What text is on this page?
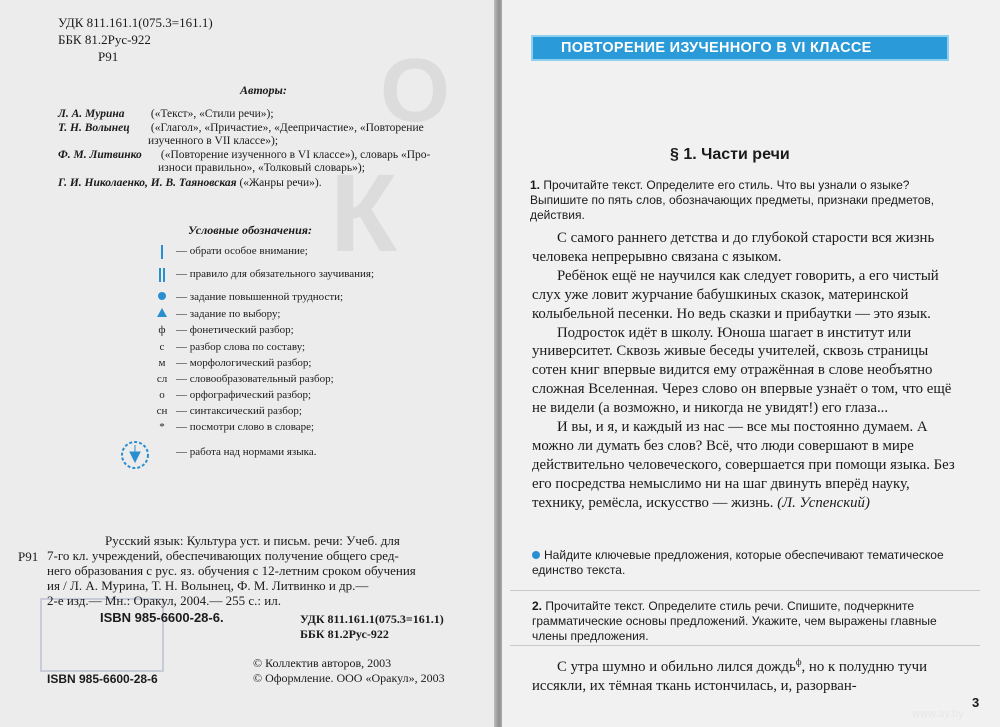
О
К
УДК 811.161.1(075.3=161.1)
ББК 81.2Рус-922
Р91
Авторы:
Л. А. Мурина («Текст», «Стили речи»);
Т. Н. Волынец («Глагол», «Причастие», «Деепричастие», «Повторение
изученного в VII классе»);
Ф. М. Литвинко («Повторение изученного в VI классе»), словарь «Про-
износи правильно», «Толковый словарь»);
Г. И. Николаенко, И. В. Таяновская («Жанры речи»).
Условные обозначения:
— обрати особое внимание;
— правило для обязательного заучивания;
— задание повышенной трудности;
— задание по выбору;
ф — фонетический разбор;
с	— разбор слова по составу;
м — морфологический разбор;
сл — словообразовательный разбор;
о	— орфографический разбор;
сн — синтаксический разбор;
*	— посмотри слово в словаре;
— работа над нормами языка.
Р91

Русский язык: Культура уст. и письм. речи: Учеб. для

7-го кл. учреждений, обеспечивающих получение общего сред-

него образования с рус. яз. обучения с 12-летним сроком обучения

ия / Л. А. Мурина, Т. Н. Волынец, Ф. М. Литвинко и др.—

2-е изд.— Мн.: Оракул, 2004.— 255 с.: ил.

ISBN 985-6600-28-6.	УДК 811.161.1(075.3=161.1)
ББК 81.2Рус-922
© Коллектив авторов, 2003
© Оформление. ООО «Оракул», 2003
ISBN 985-6600-28-6
ПОВТОРЕНИЕ ИЗУЧЕННОГО В VI КЛАССЕ
§ 1. Части речи
1. Прочитайте текст. Определите его стиль. Что вы узнали о языке? Выпишите по пять слов, обозначающих предметы, признаки предметов, действия.

С самого раннего детства и до глубокой старости вся жизнь человека непрерывно связана с языком.

Ребёнок ещё не научился как следует говорить, а его чистый слух уже ловит журчание бабушкиных сказок, материнской колыбельной песенки. Но ведь сказки и прибаутки — это язык.

Подросток идёт в школу. Юноша шагает в институт или университет. Сквозь живые беседы учителей, сквозь страницы сотен книг впервые видится ему отражённая в слове необъятно сложная Вселенная. Через слово он впервые узнаёт о том, что ещё не видели (а возможно, и никогда не увидят!) его глаза...

И вы, и я, и каждый из нас — все мы постоянно думаем. А можно ли думать без слов? Всё, что люди совершают в мире действительно человеческого, совершается при помощи языка. Без его посредства немыслимо ни на шаг двинуть вперёд науку, технику, ремёсла, искусство — жизнь. (Л. Успенский)

Найдите ключевые предложения, которые обеспечивают тематическое единство текста.
2. Прочитайте текст. Определите стиль речи. Спишите, подчеркните грамматические основы предложений. Укажите, чем выражены главные члены предложения.
С утра шумно и обильно лился дождь$^ф$, но к полудню тучи иссякли, их тёмная ткань истончилась, и, разорван-
www.ay.by
3
